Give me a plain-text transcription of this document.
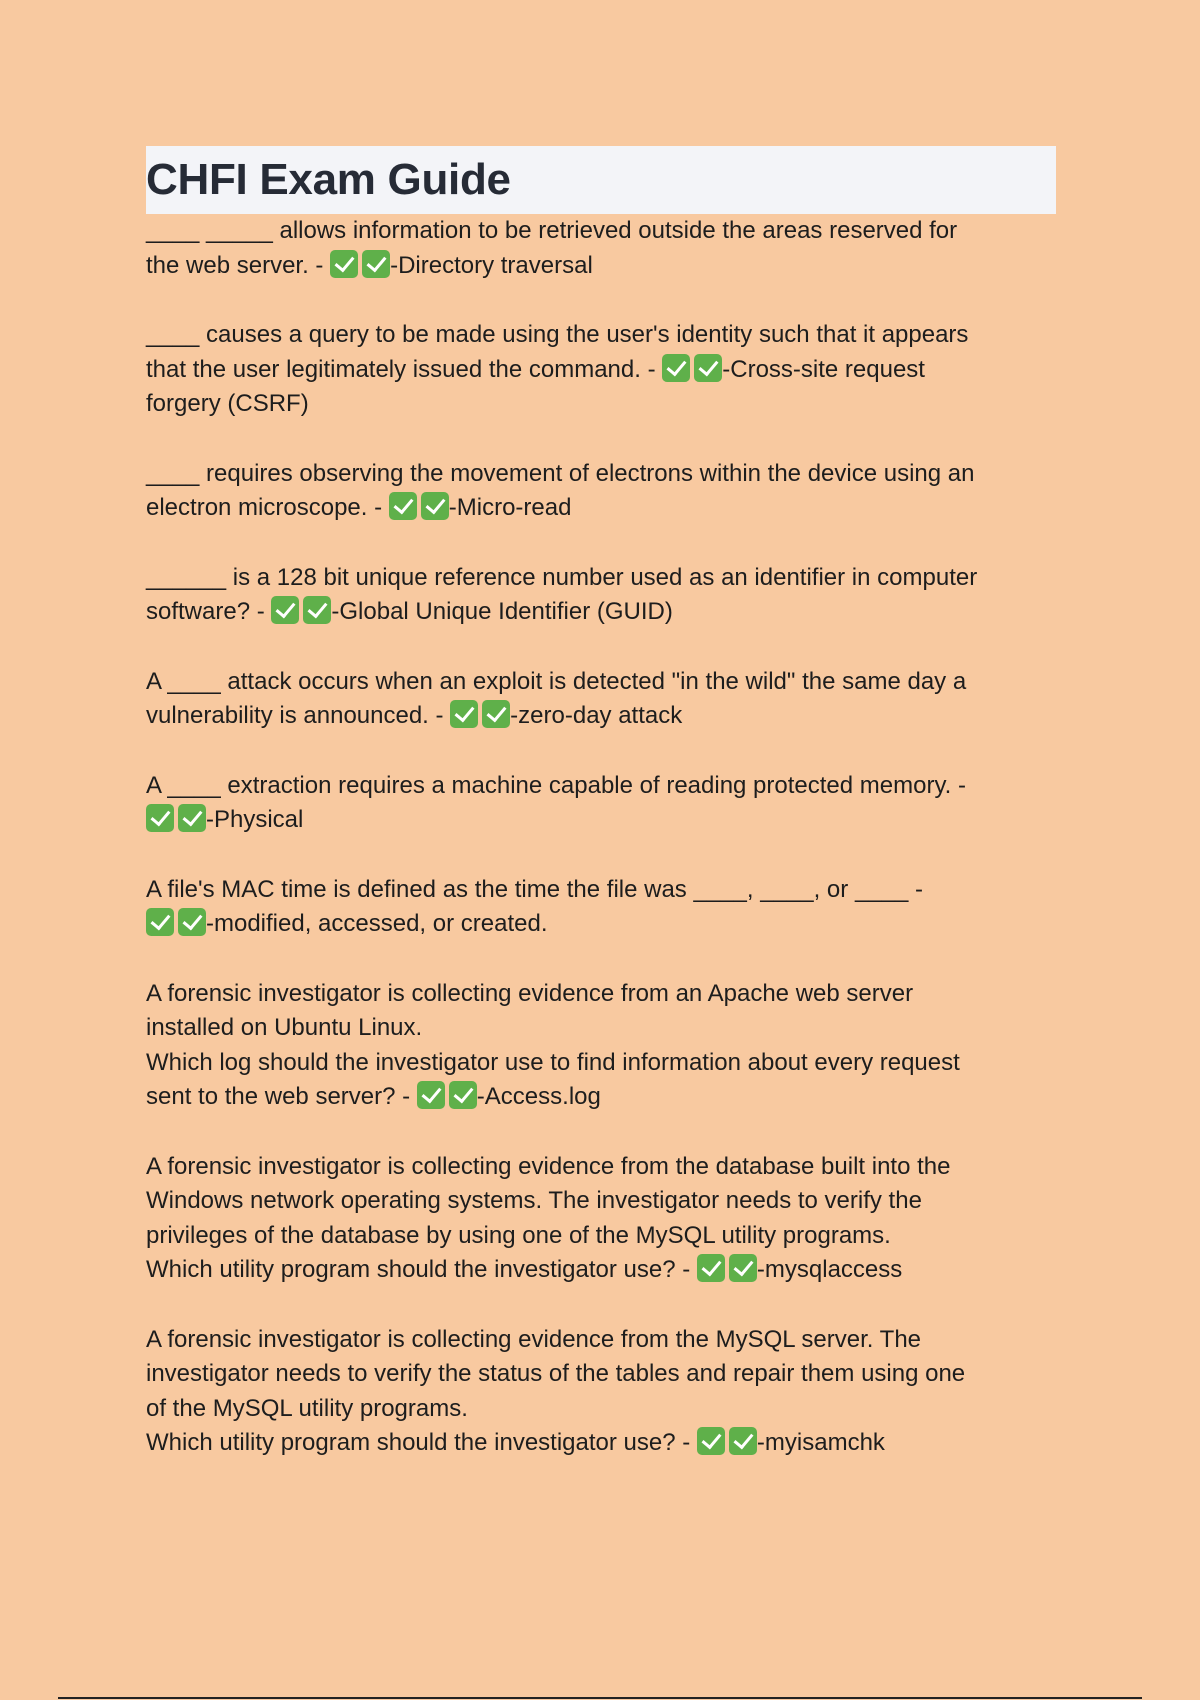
CHFI Exam Guide

____ _____ allows information to be retrieved outside the areas reserved for
the web server. -	-Directory traversal

____ causes a query to be made using the user's identity such that it appears
that the user legitimately issued the command. -	-Cross-site request
forgery (CSRF)

____ requires observing the movement of electrons within the device using an
electron microscope. -	-Micro-read

______ is a 128 bit unique reference number used as an identifier in computer
software? -	-Global Unique Identifier (GUID)

A ____ attack occurs when an exploit is detected "in the wild" the same day a
vulnerability is announced. -	-zero-day attack

A ____ extraction requires a machine capable of reading protected memory. -
-Physical

A file's MAC time is defined as the time the file was ____, ____, or ____ -
-modified, accessed, or created.

A forensic investigator is collecting evidence from an Apache web server
installed on Ubuntu Linux.
Which log should the investigator use to find information about every request
sent to the web server? -	-Access.log

A forensic investigator is collecting evidence from the database built into the
Windows network operating systems. The investigator needs to verify the
privileges of the database by using one of the MySQL utility programs.
Which utility program should the investigator use? -	-mysqlaccess

A forensic investigator is collecting evidence from the MySQL server. The
investigator needs to verify the status of the tables and repair them using one
of the MySQL utility programs.
Which utility program should the investigator use? -	-myisamchk
